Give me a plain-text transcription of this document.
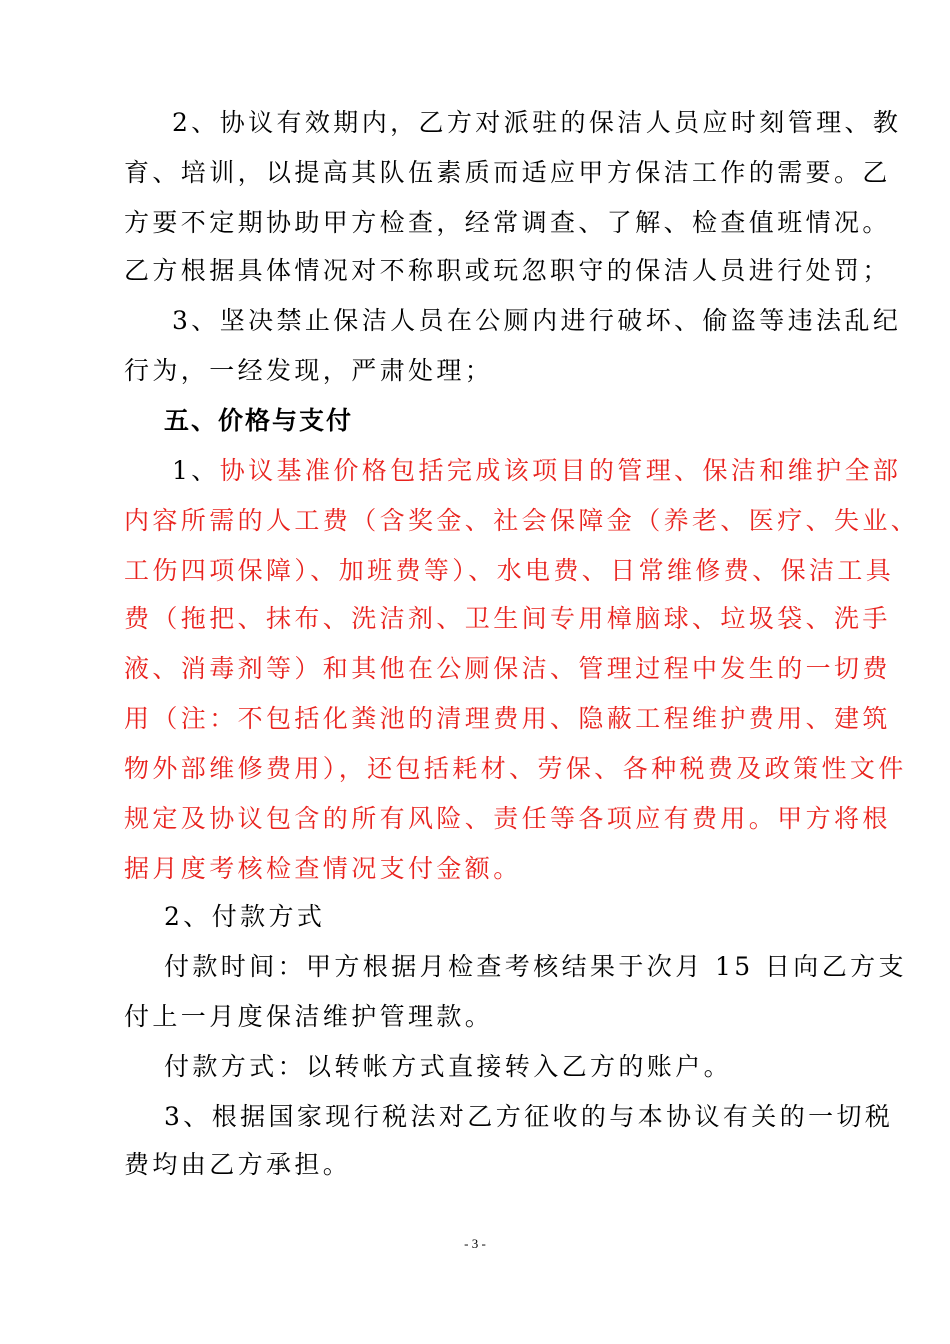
2、协议有效期内，乙方对派驻的保洁人员应时刻管理、教
育、培训，以提高其队伍素质而适应甲方保洁工作的需要。乙
方要不定期协助甲方检查，经常调查、了解、检查值班情况。
乙方根据具体情况对不称职或玩忽职守的保洁人员进行处罚；
3、坚决禁止保洁人员在公厕内进行破坏、偷盗等违法乱纪
行为，一经发现，严肃处理；
五、价格与支付
1、协议基准价格包括完成该项目的管理、保洁和维护全部
内容所需的人工费（含奖金、社会保障金（养老、医疗、失业、
工伤四项保障）、加班费等）、水电费、日常维修费、保洁工具
费（拖把、抹布、洗洁剂、卫生间专用樟脑球、垃圾袋、洗手
液、消毒剂等）和其他在公厕保洁、管理过程中发生的一切费
用（注：不包括化粪池的清理费用、隐蔽工程维护费用、建筑
物外部维修费用），还包括耗材、劳保、各种税费及政策性文件
规定及协议包含的所有风险、责任等各项应有费用。甲方将根
据月度考核检查情况支付金额。
2、付款方式
付款时间：甲方根据月检查考核结果于次月 15 日向乙方支
付上一月度保洁维护管理款。
付款方式：以转帐方式直接转入乙方的账户。
3、根据国家现行税法对乙方征收的与本协议有关的一切税
费均由乙方承担。
- 3 -
